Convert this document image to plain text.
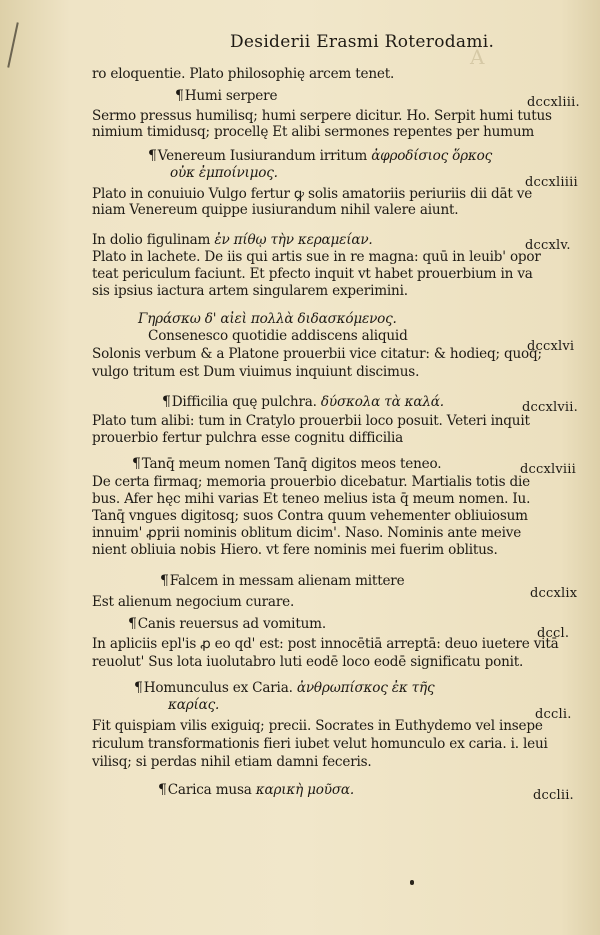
A
Desiderii Erasmi Roterodami.
ro eloquentie. Plato philosophię arcem tenet.
¶Humi serpere	dccxliii.
Sermo pressus humilisq; humi serpere dicitur. Ho. Serpit humi tutus
nimium timidusq; procellę Et alibi sermones repentes per humum
¶Venereum Iusiurandum irritum ἀφροδίσιος ὅρκος
οὐκ ἐμποίνιμος.
dccxliiii
Plato in conuiuio Vulgo fertur ꝙ solis amatoriis periuriis dii dāt ve
niam Venereum quippe iusiurandum nihil valere aiunt.
In dolio figulinam ἐν πίθῳ τὴν κεραμείαν.	dccxlv.
Plato in lachete. De iis qui artis sue in re magna: quū in leuib' opor
teat periculum faciunt. Et pfecto inquit vt habet prouerbium in va
sis ipsius iactura artem singularem experimini.
Γηράσκω δ' αἰεὶ πολλὰ διδασκόμενος.
Consenesco quotidie addiscens aliquid
dccxlvi
Solonis verbum & a Platone prouerbii vice citatur: & hodieq; quoq;
vulgo tritum est Dum viuimus inquiunt discimus.
¶Difficilia quę pulchra. δύσκολα τὰ καλά.	dccxlvii.
Plato tum alibi: tum in Cratylo prouerbii loco posuit. Veteri inquit
prouerbio fertur pulchra esse cognitu difficilia
¶Tanq̄ meum nomen Tanq̄ digitos meos teneo.	dccxlviii
De certa firmaq; memoria prouerbio dicebatur. Martialis totis die
bus. Afer hęc mihi varias Et teneo melius ista q̄ meum nomen. Iu.
Tanq̄ vngues digitosq; suos Contra quum vehementer obliuiosum
innuim' ꝓprii nominis oblitum dicim'. Naso. Nominis ante meive
nient obliuia nobis Hiero. vt fere nominis mei fuerim oblitus.
¶Falcem in messam alienam mittere
dccxlix
Est alienum negocium curare.
¶Canis reuersus ad vomitum.
dccl.
In apliciis epl'is ꝓ eo qd' est: post innocētiā arreptā: deuo iuetere vitā
reuolut' Sus lota iuolutabro luti eodē loco eodē significatu ponit.
¶Homunculus ex Caria. ἀνθρωπίσκος ἐκ τῆς
καρίας.
dccli.
Fit quispiam vilis exiguiq; precii. Socrates in Euthydemo vel insepe
riculum transformationis fieri iubet velut homunculo ex caria. i. leui
vilisq; si perdas nihil etiam damni feceris.
¶Carica musa καρικὴ μοῦσα.	dcclii.
